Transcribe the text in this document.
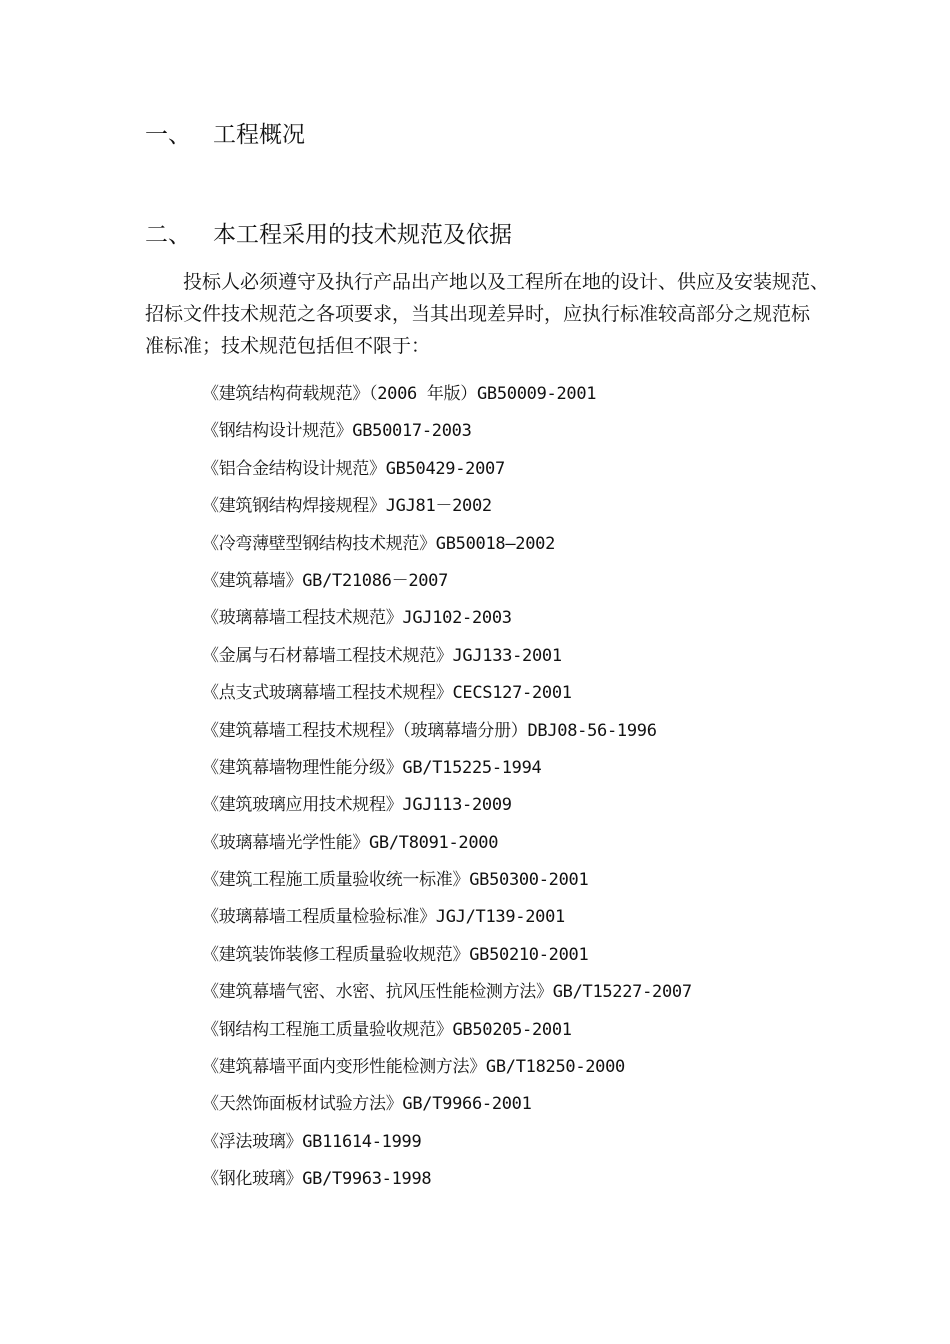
一、 工程概况
二、 本工程采用的技术规范及依据

投标人必须遵守及执行产品出产地以及工程所在地的设计、供应及安装规范、
招标文件技术规范之各项要求，当其出现差异时，应执行标准较高部分之规范标
准标准；技术规范包括但不限于：

《建筑结构荷载规范》（2006 年版）GB50009-2001
《钢结构设计规范》GB50017-2003
《铝合金结构设计规范》GB50429-2007
《建筑钢结构焊接规程》JGJ81－2002
《冷弯薄壁型钢结构技术规范》GB50018—2002
《建筑幕墙》GB/T21086－2007
《玻璃幕墙工程技术规范》JGJ102-2003
《金属与石材幕墙工程技术规范》JGJ133-2001
《点支式玻璃幕墙工程技术规程》CECS127-2001
《建筑幕墙工程技术规程》（玻璃幕墙分册）DBJ08-56-1996
《建筑幕墙物理性能分级》GB/T15225-1994
《建筑玻璃应用技术规程》JGJ113-2009
《玻璃幕墙光学性能》GB/T8091-2000
《建筑工程施工质量验收统一标准》GB50300-2001
《玻璃幕墙工程质量检验标准》JGJ/T139-2001
《建筑装饰装修工程质量验收规范》GB50210-2001
《建筑幕墙气密、水密、抗风压性能检测方法》GB/T15227-2007
《钢结构工程施工质量验收规范》GB50205-2001
《建筑幕墙平面内变形性能检测方法》GB/T18250-2000
《天然饰面板材试验方法》GB/T9966-2001
《浮法玻璃》GB11614-1999
《钢化玻璃》GB/T9963-1998
